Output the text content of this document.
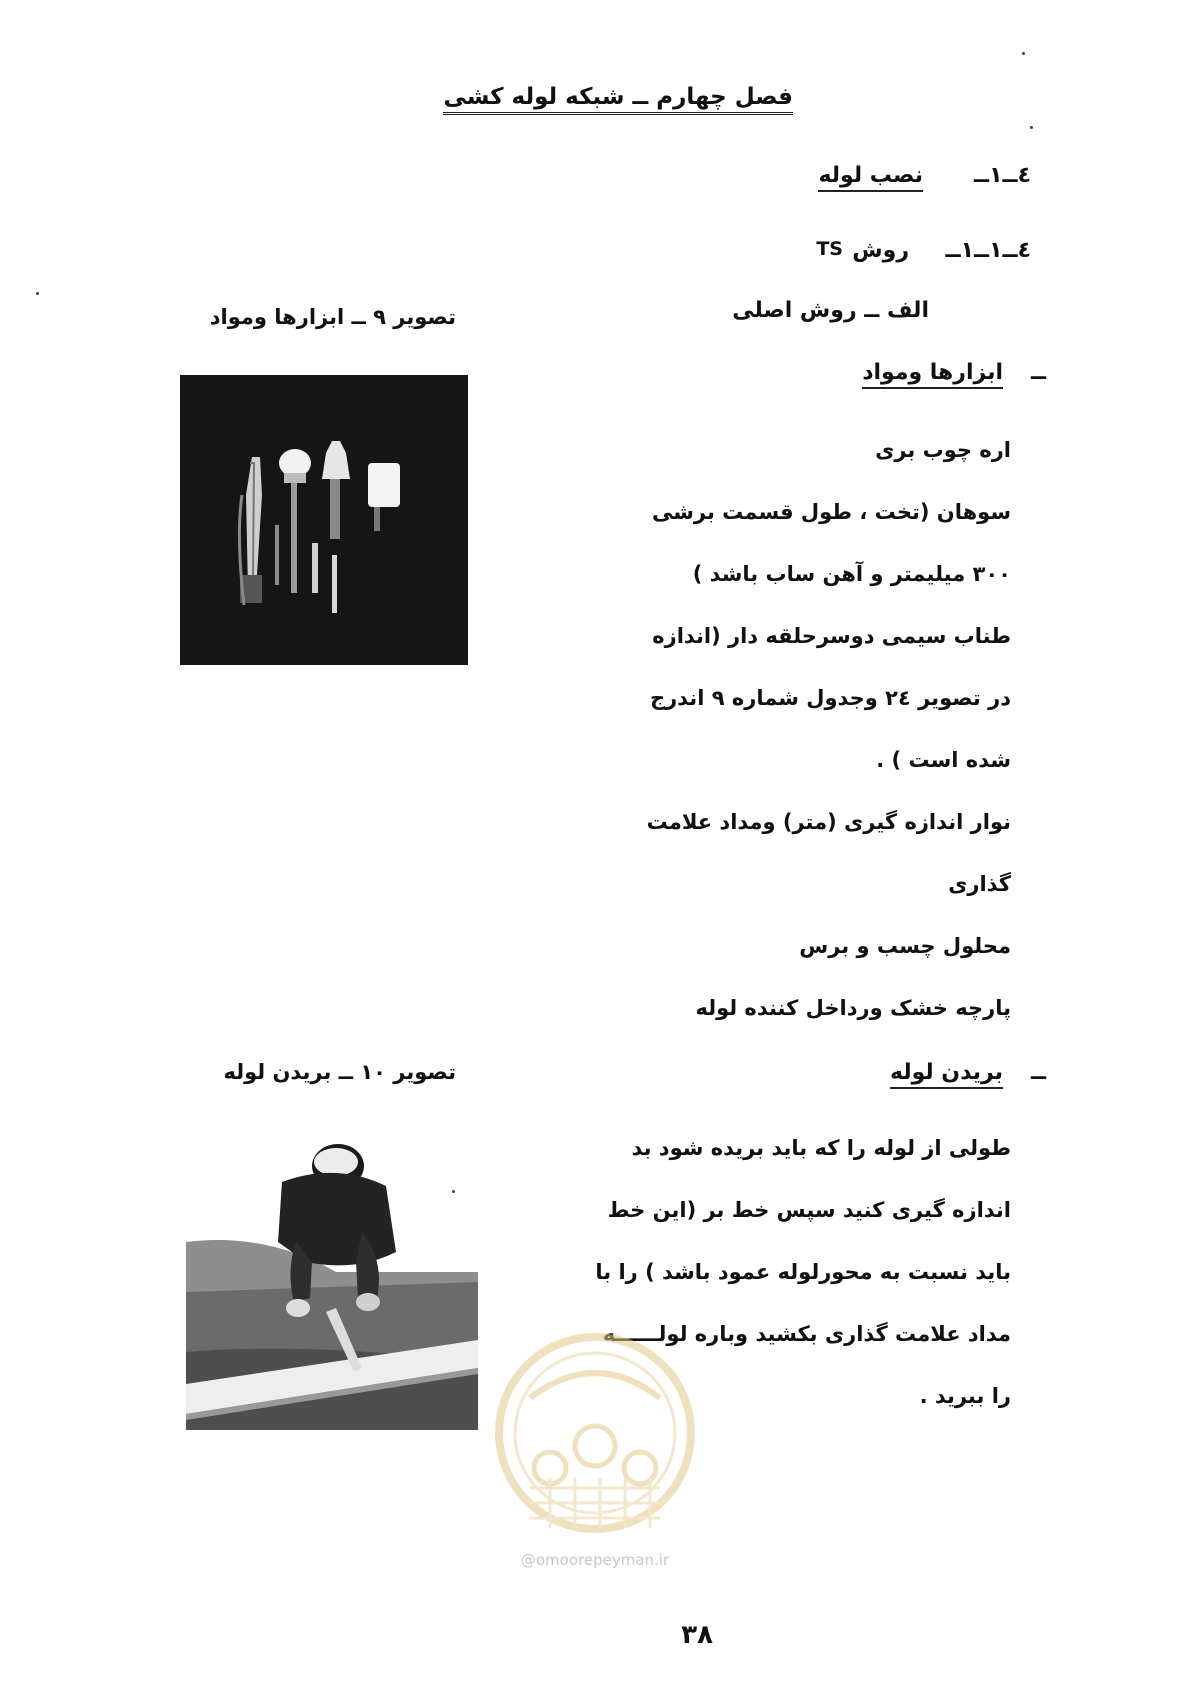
فصل چهارم ــ شبکه لوله کشی
٤ــ١ــ
نصب لوله
٤ــ١ــ١ــ
روش
TS
الف ــ روش اصلی
ــ
ابزارها ومواد
اره چوب بری
سوهان (تخت ، طول قسمت برشی
٣٠٠ میلیمتر و آهن ساب باشد )
طناب سیمی دوسرحلقه دار (اندازه
در تصویر ٢٤ وجدول شماره ٩ اندرج
شده است ) .
نوار اندازه گیری (متر) ومداد علامت
گذاری
محلول چسب و برس
پارچه خشک ورداخل کننده لوله
ــ
بریدن لوله
طولی از لوله را که باید بریده شود بد
اندازه گیری کنید سپس خط بر (این خط
باید نسبت به محورلوله عمود باشد ) را با
مداد علامت گذاری بکشید وباره لولــــــه
را ببرید .
تصویر ٩ ــ ابزارها ومواد
تصویر ١٠ ــ بریدن لوله
@omoorepeyman.ir
٣٨
